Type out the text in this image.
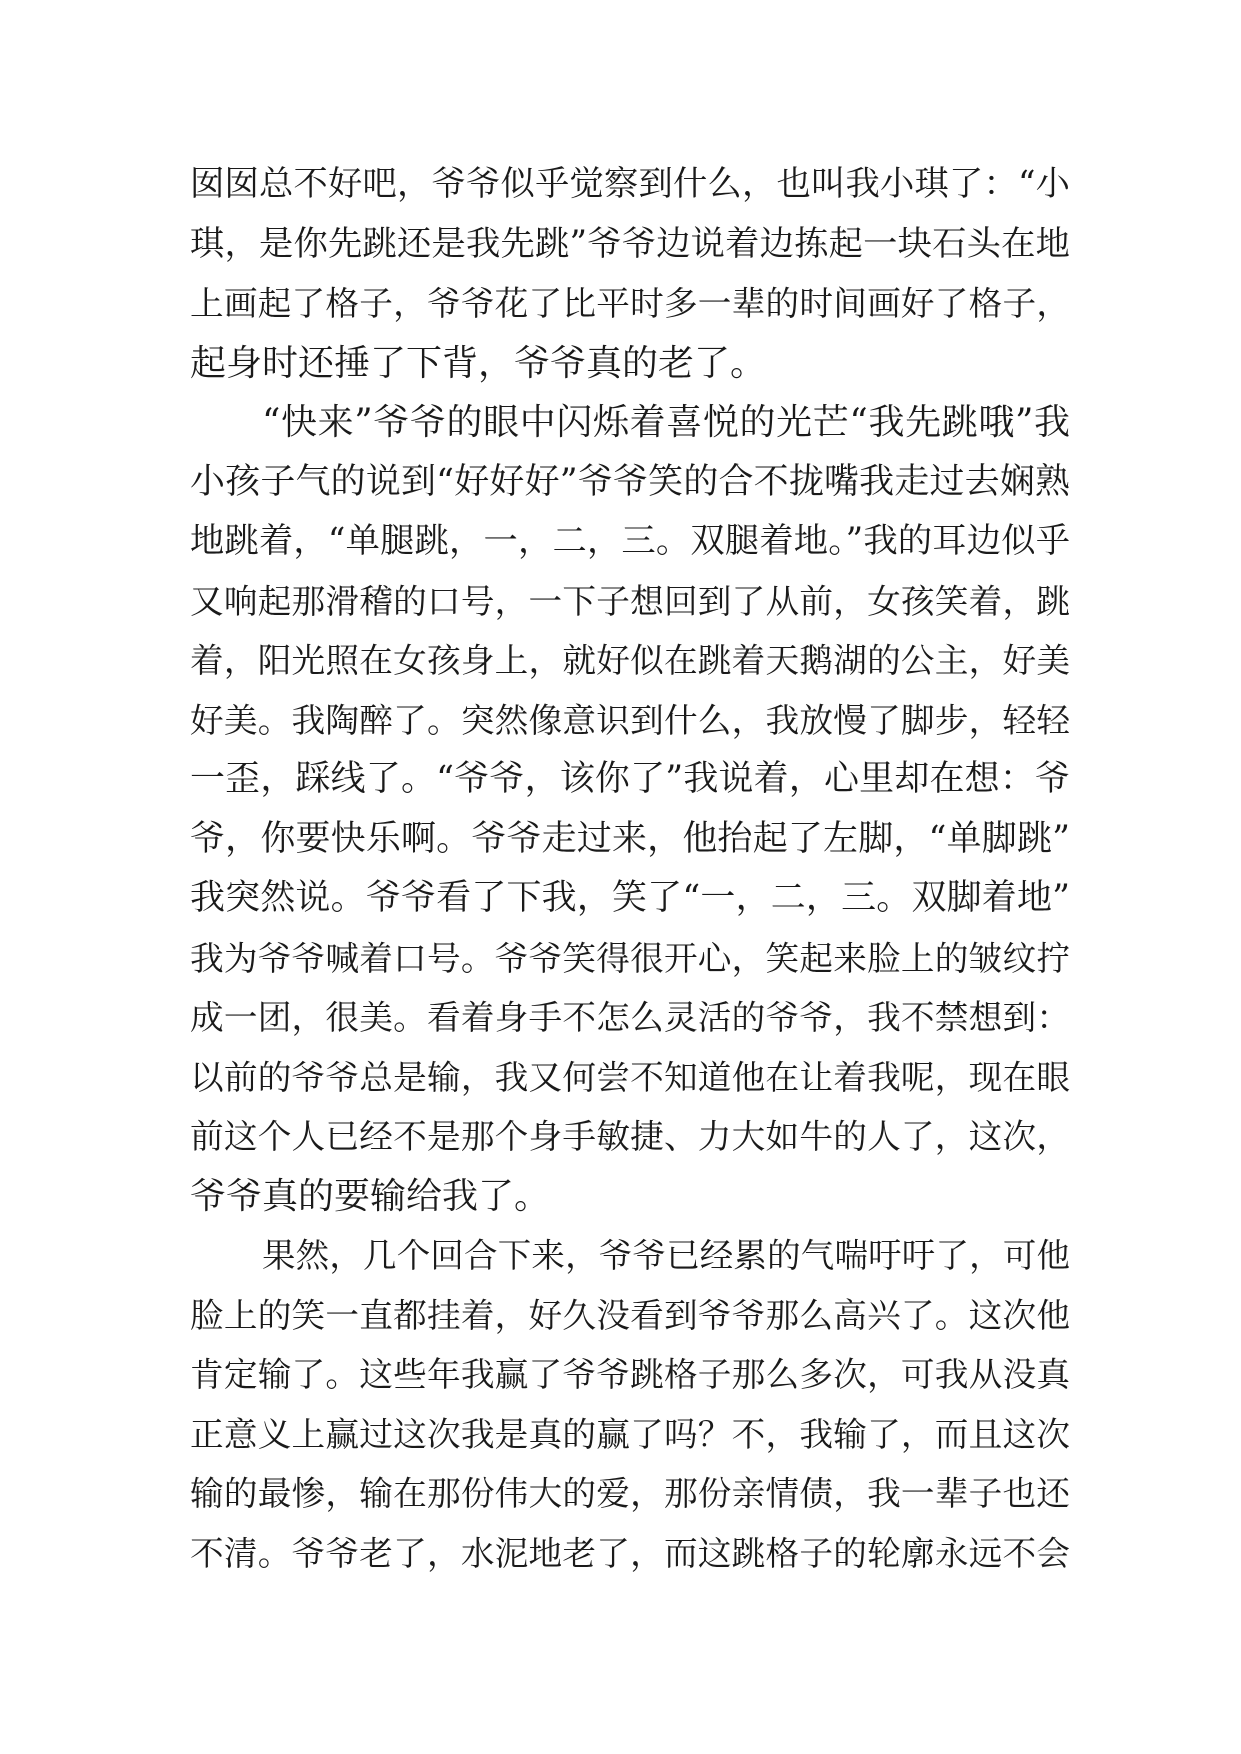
囡囡总不好吧，爷爷似乎觉察到什么，也叫我小琪了：“小
琪，是你先跳还是我先跳”爷爷边说着边拣起一块石头在地
上画起了格子，爷爷花了比平时多一辈的时间画好了格子，
起身时还捶了下背，爷爷真的老了。
“快来”爷爷的眼中闪烁着喜悦的光芒“我先跳哦”我
小孩子气的说到“好好好”爷爷笑的合不拢嘴我走过去娴熟
地跳着，“单腿跳，一，二，三。双腿着地。”我的耳边似乎
又响起那滑稽的口号，一下子想回到了从前，女孩笑着，跳
着，阳光照在女孩身上，就好似在跳着天鹅湖的公主，好美
好美。我陶醉了。突然像意识到什么，我放慢了脚步，轻轻
一歪，踩线了。“爷爷，该你了”我说着，心里却在想：爷
爷，你要快乐啊。爷爷走过来，他抬起了左脚，“单脚跳”
我突然说。爷爷看了下我，笑了“一，二，三。双脚着地”
我为爷爷喊着口号。爷爷笑得很开心，笑起来脸上的皱纹拧
成一团，很美。看着身手不怎么灵活的爷爷，我不禁想到：
以前的爷爷总是输，我又何尝不知道他在让着我呢，现在眼
前这个人已经不是那个身手敏捷、力大如牛的人了，这次，
爷爷真的要输给我了。
果然，几个回合下来，爷爷已经累的气喘吁吁了，可他
脸上的笑一直都挂着，好久没看到爷爷那么高兴了。这次他
肯定输了。这些年我赢了爷爷跳格子那么多次，可我从没真
正意义上赢过这次我是真的赢了吗？不，我输了，而且这次
输的最惨，输在那份伟大的爱，那份亲情债，我一辈子也还
不清。爷爷老了，水泥地老了，而这跳格子的轮廓永远不会
